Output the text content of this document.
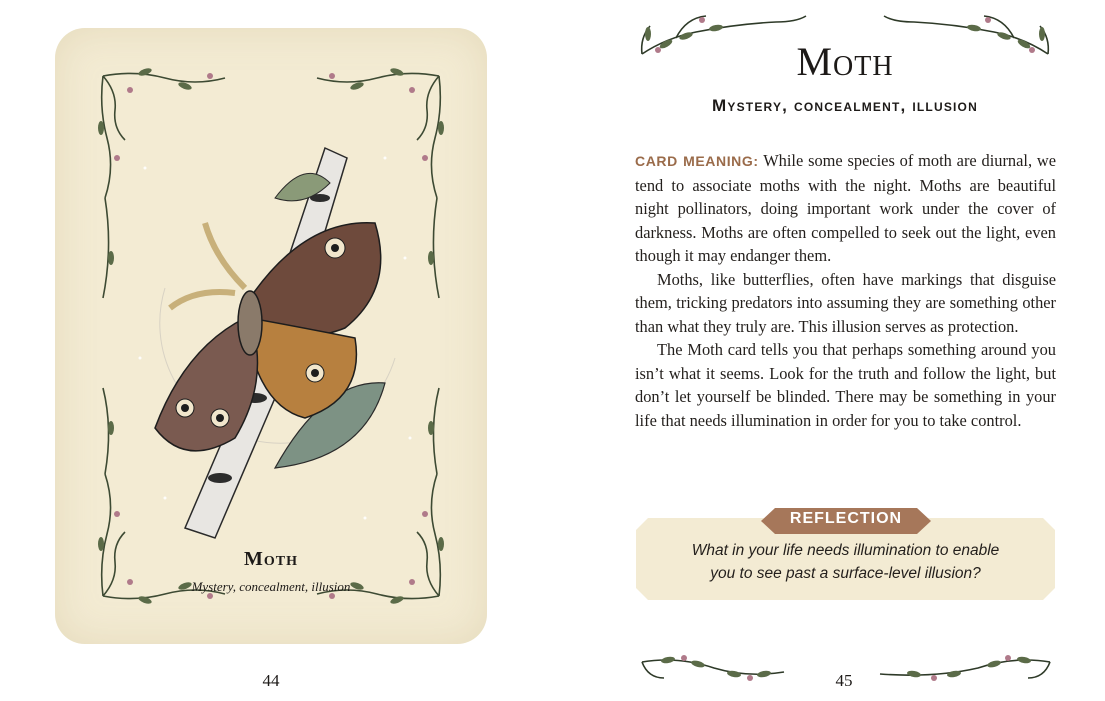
Moth
Mystery, concealment, illusion
44
Moth
Mystery, concealment, illusion

CARD MEANING: While some species of moth are diurnal, we tend to associate moths with the night. Moths are beautiful night pollinators, doing important work under the cover of darkness. Moths are often compelled to seek out the light, even though it may endanger them.

Moths, like butterflies, often have markings that disguise them, tricking predators into assuming they are something other than what they truly are. This illusion serves as protection.

The Moth card tells you that perhaps something around you isn’t what it seems. Look for the truth and follow the light, but don’t let yourself be blinded. There may be something in your life that needs illumination in order for you to take control.

REFLECTION
What in your life needs illumination to enable
you to see past a surface-level illusion?
45
